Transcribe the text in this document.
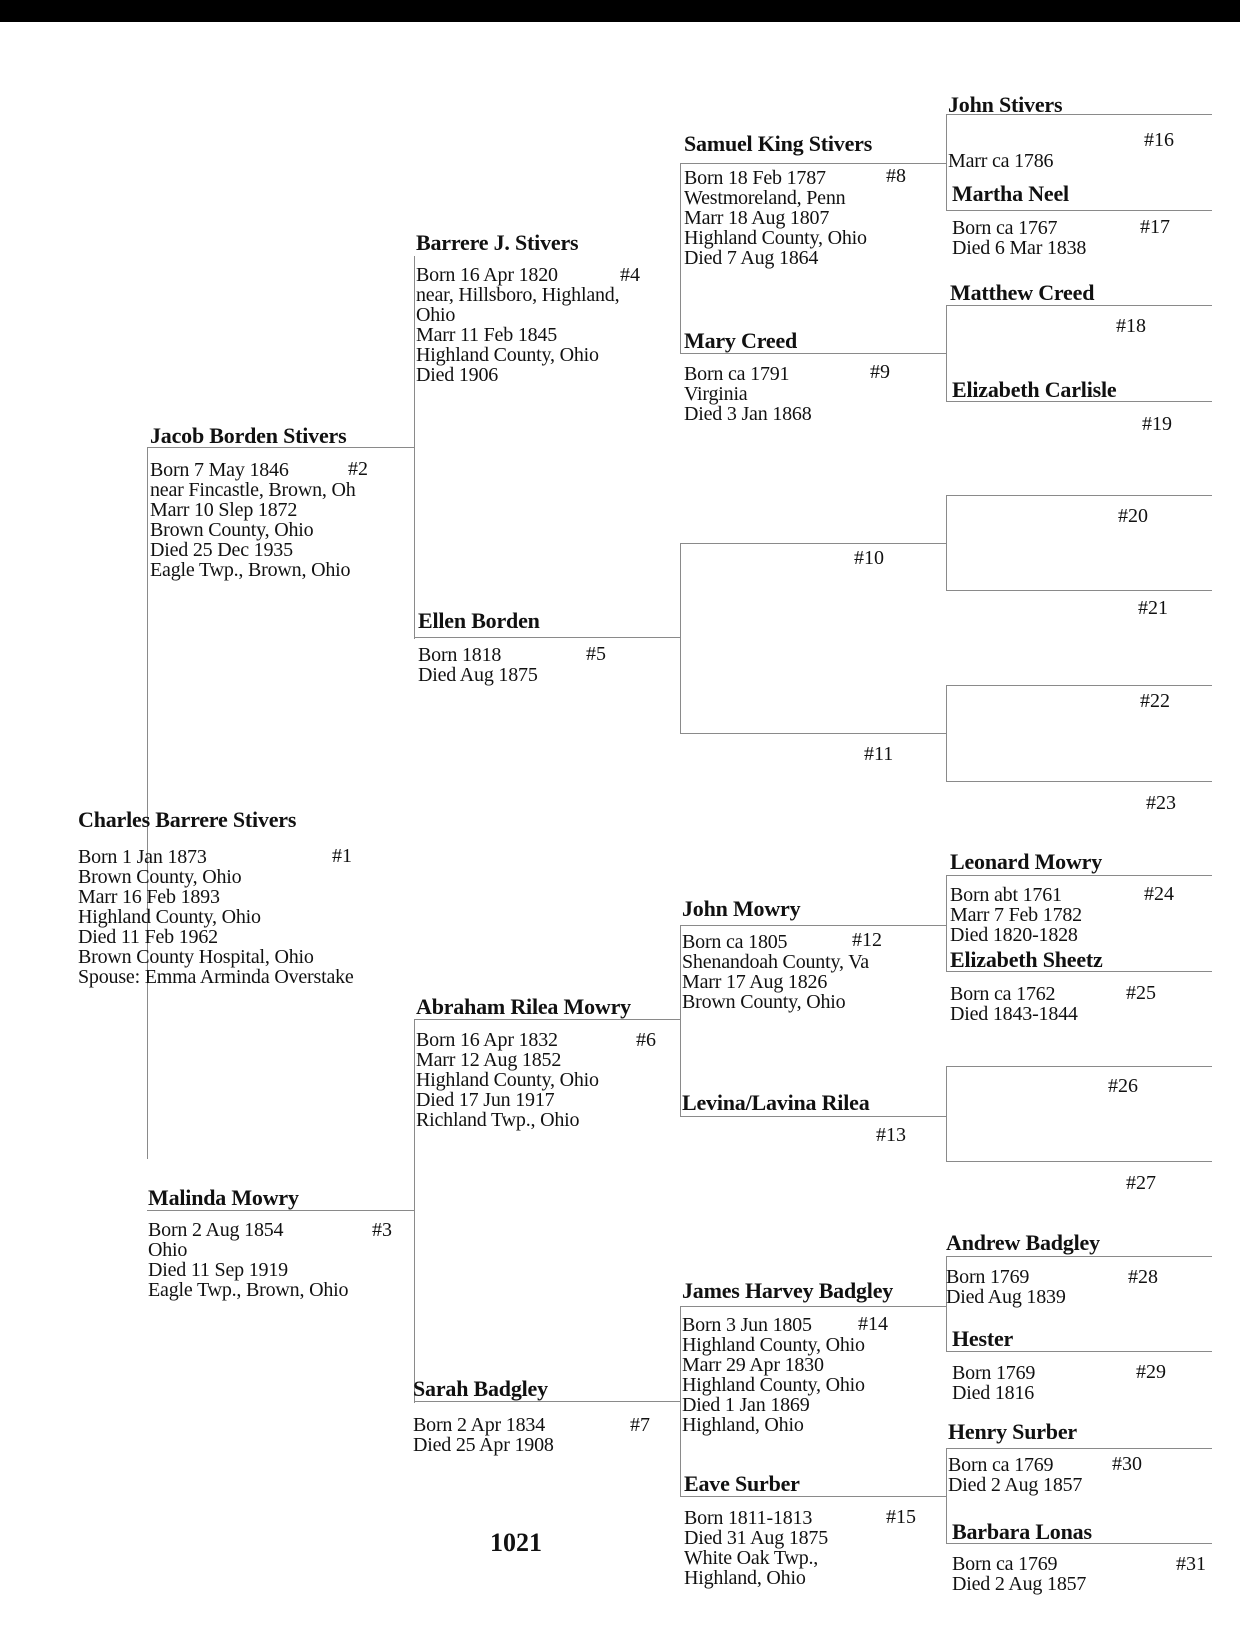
Charles Barrere Stivers
#1
Born 1 Jan 1873
Brown County, Ohio
Marr 16 Feb 1893
Highland County, Ohio
Died 11 Feb 1962
Brown County Hospital, Ohio
Spouse: Emma Arminda Overstake
Jacob Borden Stivers
#2
Born 7 May 1846
near Fincastle, Brown, Oh
Marr 10 Slep 1872
Brown County, Ohio
Died 25 Dec 1935
Eagle Twp., Brown, Ohio
Malinda Mowry
#3
Born 2 Aug 1854
Ohio
Died 11 Sep 1919
Eagle Twp., Brown, Ohio
Barrere J. Stivers
#4
Born 16 Apr 1820
near, Hillsboro, Highland,
Ohio
Marr 11 Feb 1845
Highland County, Ohio
Died 1906
Ellen Borden
#5
Born 1818
Died Aug 1875
Abraham Rilea Mowry
#6
Born 16 Apr 1832
Marr 12 Aug 1852
Highland County, Ohio
Died 17 Jun 1917
Richland Twp., Ohio
Sarah Badgley
#7
Born 2 Apr 1834
Died 25 Apr 1908
Samuel King Stivers
#8
Born 18 Feb 1787
Westmoreland, Penn
Marr 18 Aug 1807
Highland County, Ohio
Died 7 Aug 1864
Mary Creed
#9
Born ca 1791
Virginia
Died 3 Jan 1868
#10
#11
John Mowry
#12
Born ca 1805
Shenandoah County, Va
Marr 17 Aug 1826
Brown County, Ohio
Levina/Lavina Rilea
#13
James Harvey Badgley
#14
Born 3 Jun 1805
Highland County, Ohio
Marr 29 Apr 1830
Highland County, Ohio
Died 1 Jan 1869
Highland, Ohio
Eave Surber
#15
Born 1811-1813
Died 31 Aug 1875
White Oak Twp.,
Highland, Ohio
John Stivers
#16
Marr ca 1786
Martha Neel
#17
Born ca 1767
Died 6 Mar 1838
Matthew Creed
#18
Elizabeth Carlisle
#19
#20
#21
#22
#23
Leonard Mowry
#24
Born abt 1761
Marr 7 Feb 1782
Died 1820-1828
Elizabeth Sheetz
#25
Born ca 1762
Died 1843-1844
#26
#27
Andrew Badgley
#28
Born 1769
Died Aug 1839
Hester
#29
Born 1769
Died 1816
Henry Surber
#30
Born ca 1769
Died 2 Aug 1857
Barbara Lonas
#31
Born ca 1769
Died 2 Aug 1857
1021
